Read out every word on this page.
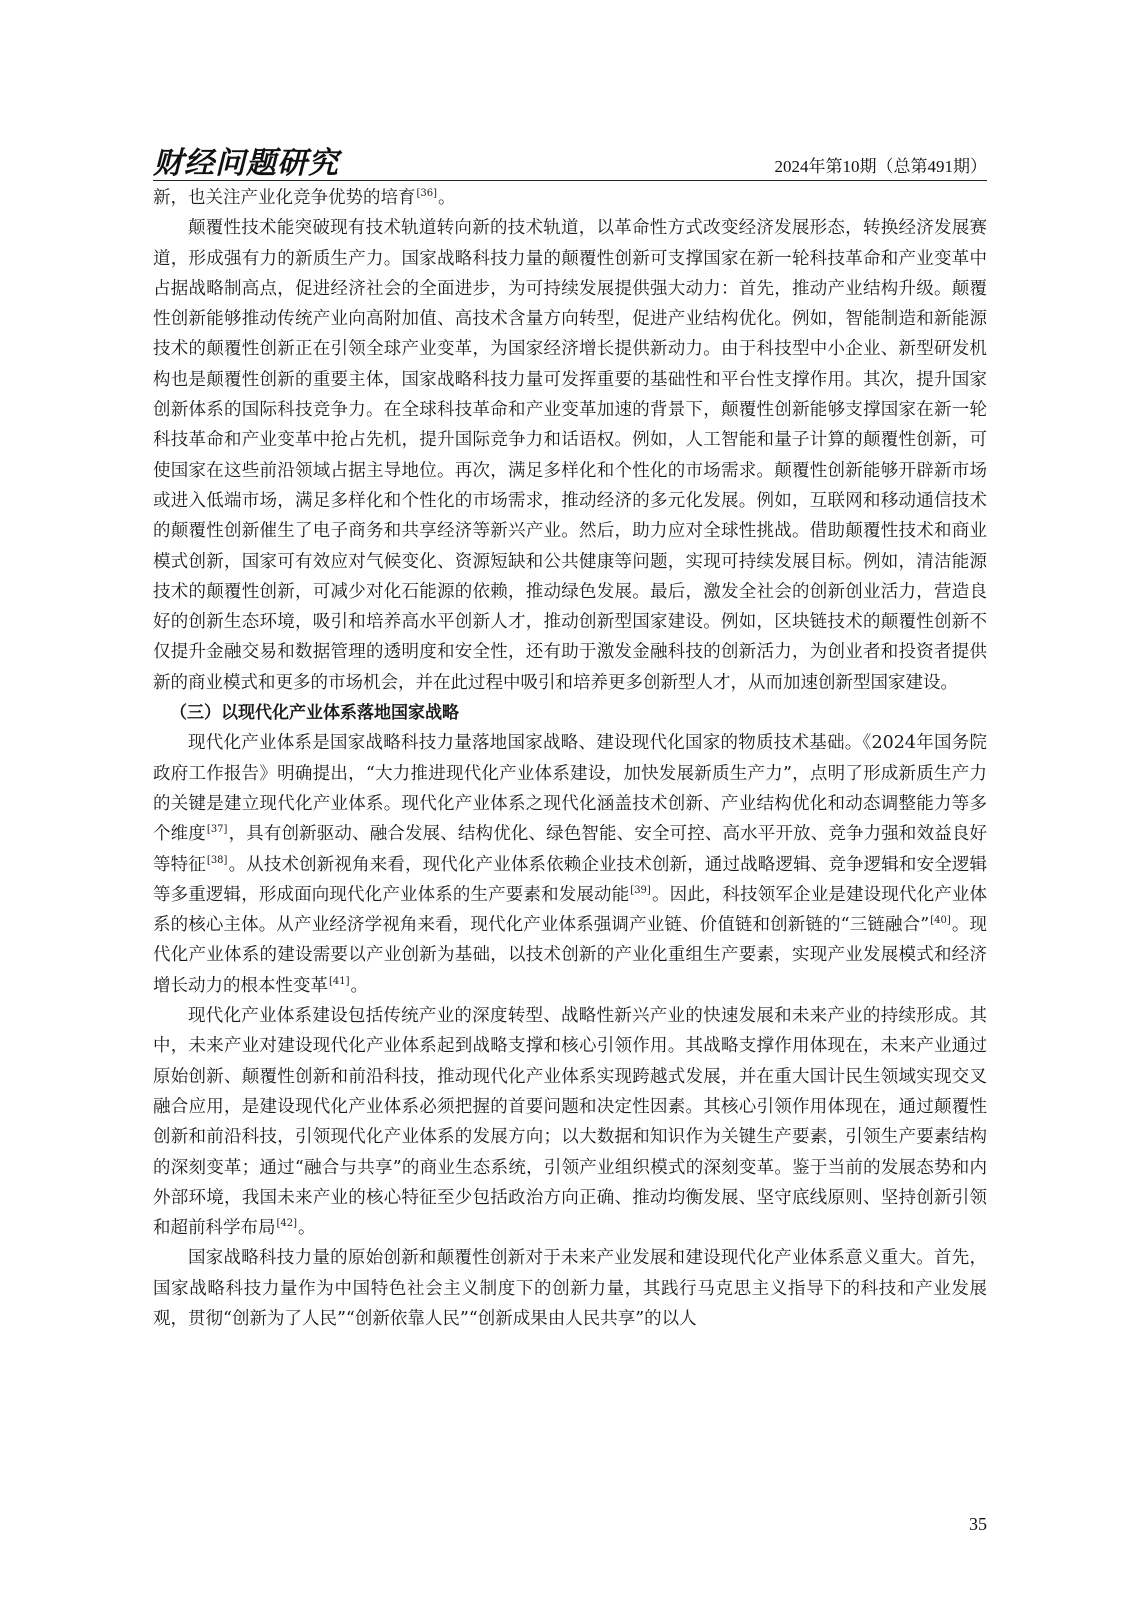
财经问题研究	2024年第10期（总第491期）

新，也关注产业化竞争优势的培育[36]。

颠覆性技术能突破现有技术轨道转向新的技术轨道，以革命性方式改变经济发展形态，转换经济发展赛道，形成强有力的新质生产力。国家战略科技力量的颠覆性创新可支撑国家在新一轮科技革命和产业变革中占据战略制高点，促进经济社会的全面进步，为可持续发展提供强大动力：首先，推动产业结构升级。颠覆性创新能够推动传统产业向高附加值、高技术含量方向转型，促进产业结构优化。例如，智能制造和新能源技术的颠覆性创新正在引领全球产业变革，为国家经济增长提供新动力。由于科技型中小企业、新型研发机构也是颠覆性创新的重要主体，国家战略科技力量可发挥重要的基础性和平台性支撑作用。其次，提升国家创新体系的国际科技竞争力。在全球科技革命和产业变革加速的背景下，颠覆性创新能够支撑国家在新一轮科技革命和产业变革中抢占先机，提升国际竞争力和话语权。例如，人工智能和量子计算的颠覆性创新，可使国家在这些前沿领域占据主导地位。再次，满足多样化和个性化的市场需求。颠覆性创新能够开辟新市场或进入低端市场，满足多样化和个性化的市场需求，推动经济的多元化发展。例如，互联网和移动通信技术的颠覆性创新催生了电子商务和共享经济等新兴产业。然后，助力应对全球性挑战。借助颠覆性技术和商业模式创新，国家可有效应对气候变化、资源短缺和公共健康等问题，实现可持续发展目标。例如，清洁能源技术的颠覆性创新，可减少对化石能源的依赖，推动绿色发展。最后，激发全社会的创新创业活力，营造良好的创新生态环境，吸引和培养高水平创新人才，推动创新型国家建设。例如，区块链技术的颠覆性创新不仅提升金融交易和数据管理的透明度和安全性，还有助于激发金融科技的创新活力，为创业者和投资者提供新的商业模式和更多的市场机会，并在此过程中吸引和培养更多创新型人才，从而加速创新型国家建设。

（三）以现代化产业体系落地国家战略

现代化产业体系是国家战略科技力量落地国家战略、建设现代化国家的物质技术基础。《2024年国务院政府工作报告》明确提出，“大力推进现代化产业体系建设，加快发展新质生产力”，点明了形成新质生产力的关键是建立现代化产业体系。现代化产业体系之现代化涵盖技术创新、产业结构优化和动态调整能力等多个维度[37]，具有创新驱动、融合发展、结构优化、绿色智能、安全可控、高水平开放、竞争力强和效益良好等特征[38]。从技术创新视角来看，现代化产业体系依赖企业技术创新，通过战略逻辑、竞争逻辑和安全逻辑等多重逻辑，形成面向现代化产业体系的生产要素和发展动能[39]。因此，科技领军企业是建设现代化产业体系的核心主体。从产业经济学视角来看，现代化产业体系强调产业链、价值链和创新链的“三链融合”[40]。现代化产业体系的建设需要以产业创新为基础，以技术创新的产业化重组生产要素，实现产业发展模式和经济增长动力的根本性变革[41]。

现代化产业体系建设包括传统产业的深度转型、战略性新兴产业的快速发展和未来产业的持续形成。其中，未来产业对建设现代化产业体系起到战略支撑和核心引领作用。其战略支撑作用体现在，未来产业通过原始创新、颠覆性创新和前沿科技，推动现代化产业体系实现跨越式发展，并在重大国计民生领域实现交叉融合应用，是建设现代化产业体系必须把握的首要问题和决定性因素。其核心引领作用体现在，通过颠覆性创新和前沿科技，引领现代化产业体系的发展方向；以大数据和知识作为关键生产要素，引领生产要素结构的深刻变革；通过“融合与共享”的商业生态系统，引领产业组织模式的深刻变革。鉴于当前的发展态势和内外部环境，我国未来产业的核心特征至少包括政治方向正确、推动均衡发展、坚守底线原则、坚持创新引领和超前科学布局[42]。

国家战略科技力量的原始创新和颠覆性创新对于未来产业发展和建设现代化产业体系意义重大。首先，国家战略科技力量作为中国特色社会主义制度下的创新力量，其践行马克思主义指导下的科技和产业发展观，贯彻“创新为了人民”“创新依靠人民”“创新成果由人民共享”的以人

35
